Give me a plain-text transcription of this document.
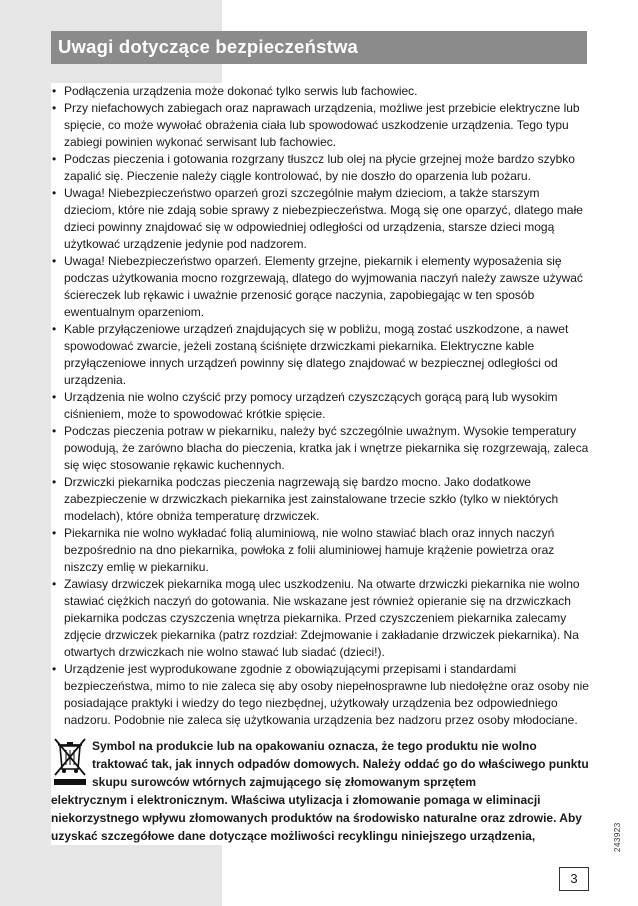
Uwagi dotyczące bezpieczeństwa
• Podłączenia urządzenia może dokonać tylko serwis lub fachowiec.
• Przy niefachowych zabiegach oraz naprawach urządzenia, możliwe jest przebicie elektryczne lub spięcie, co może wywołać obrażenia ciała lub spowodować uszkodzenie urządzenia. Tego typu zabiegi powinien wykonać serwisant lub fachowiec.
• Podczas pieczenia i gotowania rozgrzany tłuszcz lub olej na płycie grzejnej może bardzo szybko zapalić się. Pieczenie należy ciągle kontrolować, by nie doszło do oparzenia lub pożaru.
• Uwaga! Niebezpieczeństwo oparzeń grozi szczególnie małym dzieciom, a także starszym dzieciom, które nie zdają sobie sprawy z niebezpieczeństwa. Mogą się one oparzyć, dlatego małe dzieci powinny znajdować się w odpowiedniej odległości od urządzenia, starsze dzieci mogą użytkować urządzenie jedynie pod nadzorem.
• Uwaga! Niebezpieczeństwo oparzeń. Elementy grzejne, piekarnik i elementy wyposażenia się podczas użytkowania mocno rozgrzewają, dlatego do wyjmowania naczyń należy zawsze używać ściereczek lub rękawic i uważnie przenosić gorące naczynia, zapobiegając w ten sposób ewentualnym oparzeniom.
• Kable przyłączeniowe urządzeń znajdujących się w pobliżu, mogą zostać uszkodzone, a nawet spowodować zwarcie, jeżeli zostaną ściśnięte drzwiczkami piekarnika. Elektryczne kable przyłączeniowe innych urządzeń powinny się dlatego znajdować w bezpiecznej odległości od urządzenia.
• Urządzenia nie wolno czyścić przy pomocy urządzeń czyszczących gorącą parą lub wysokim ciśnieniem, może to spowodować krótkie spięcie.
• Podczas pieczenia potraw w piekarniku, należy być szczególnie uważnym. Wysokie temperatury powodują, że zarówno blacha do pieczenia, kratka jak i wnętrze piekarnika się rozgrzewają, zaleca się więc stosowanie rękawic kuchennych.
• Drzwiczki piekarnika podczas pieczenia nagrzewają się bardzo mocno. Jako dodatkowe zabezpieczenie w drzwiczkach piekarnika jest zainstalowane trzecie szkło (tylko w niektórych modelach), które obniża temperaturę drzwiczek.
• Piekarnika nie wolno wykładać folią aluminiową, nie wolno stawiać blach oraz innych naczyń bezpośrednio na dno piekarnika, powłoka z folii aluminiowej hamuje krążenie powietrza oraz niszczy emlię w piekarniku.
• Zawiasy drzwiczek piekarnika mogą ulec uszkodzeniu. Na otwarte drzwiczki piekarnika nie wolno stawiać ciężkich naczyń do gotowania. Nie wskazane jest również opieranie się na drzwiczkach piekarnika podczas czyszczenia wnętrza piekarnika. Przed czyszczeniem piekarnika zalecamy zdjęcie drzwiczek piekarnika (patrz rozdział: Zdejmowanie i zakładanie drzwiczek piekarnika). Na otwartych drzwiczkach nie wolno stawać lub siadać (dzieci!).
• Urządzenie jest wyprodukowane zgodnie z obowiązującymi przepisami i standardami bezpieczeństwa, mimo to nie zaleca się aby osoby niepełnosprawne lub niedołężne oraz osoby nie posiadające praktyki i wiedzy do tego niezbędnej, użytkowały urządzenia bez odpowiedniego nadzoru. Podobnie nie zaleca się użytkowania urządzenia bez nadzoru przez osoby młodociane.
Symbol na produkcie lub na opakowaniu oznacza, że tego produktu nie wolno traktować tak, jak innych odpadów domowych. Należy oddać go do właściwego punktu skupu surowców wtórnych zajmującego się złomowanym sprzętem
elektrycznym i elektronicznym. Właściwa utylizacja i złomowanie pomaga w eliminacji niekorzystnego wpływu złomowanych produktów na środowisko naturalne oraz zdrowie. Aby uzyskać szczegółowe dane dotyczące możliwości recyklingu niniejszego urządzenia,	243923
3
